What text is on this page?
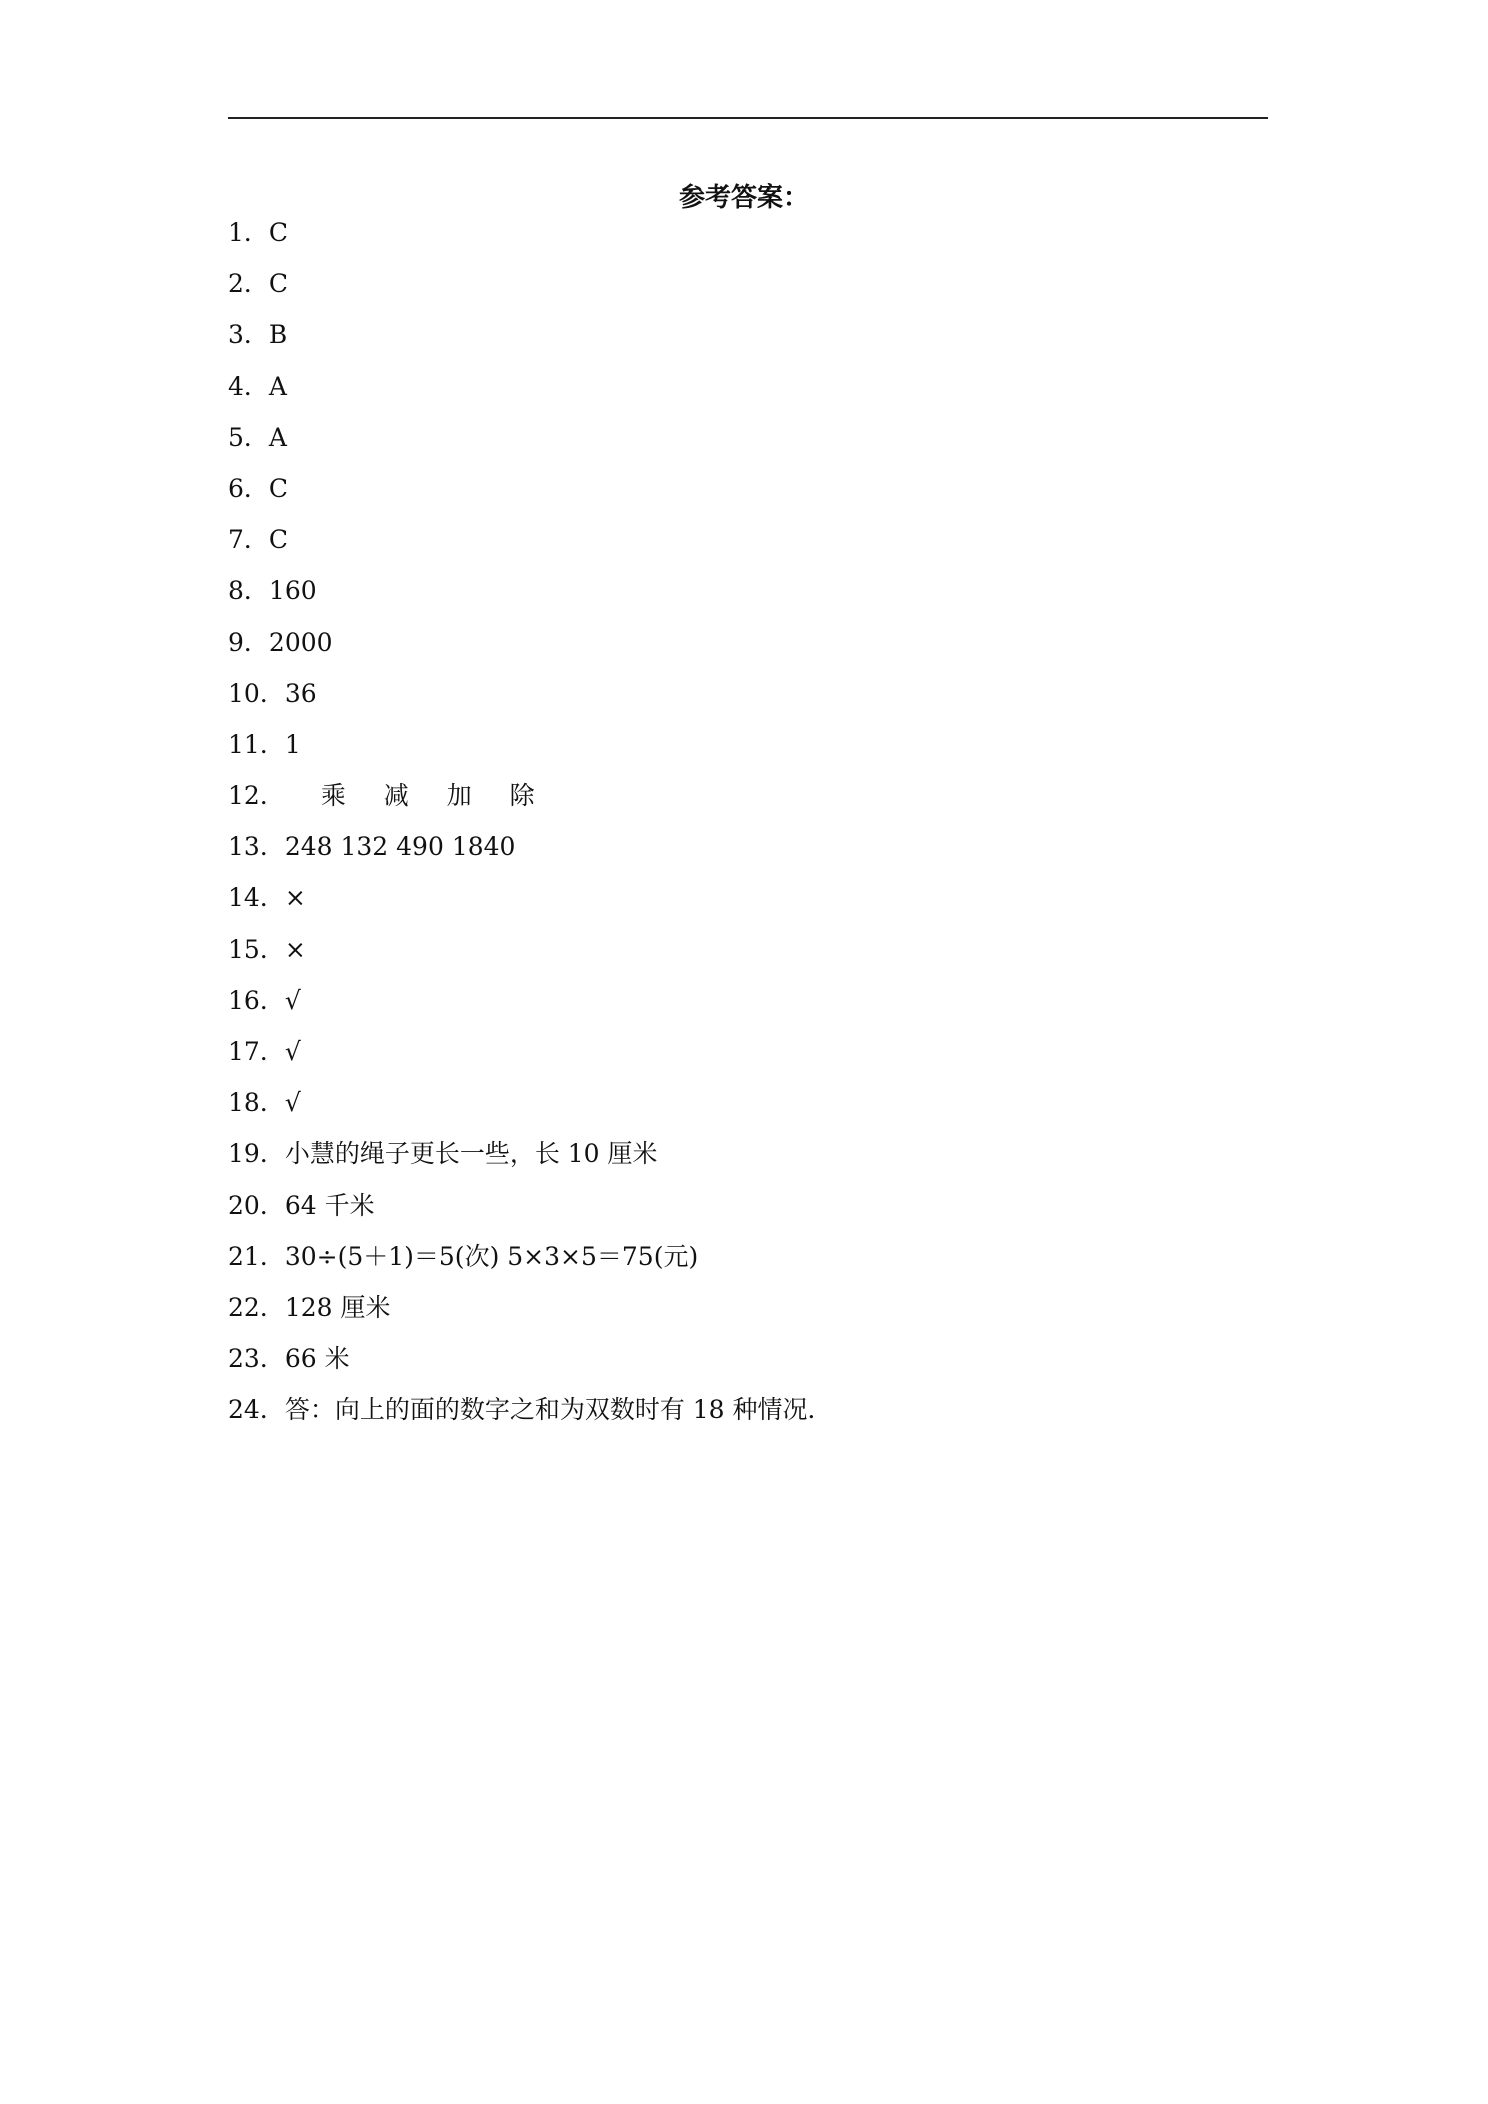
参考答案：
1．C
2．C
3．B
4．A
5．A
6．C
7．C
8．160
9．2000
10．36
11．1
12． 乘 减 加 除
13．248 132 490 1840
14．×
15．×
16．√
17．√
18．√
19．小慧的绳子更长一些，长 10 厘米
20．64 千米
21．30÷(5＋1)＝5(次) 5×3×5＝75(元)
22．128 厘米
23．66 米
24．答：向上的面的数字之和为双数时有 18 种情况．
